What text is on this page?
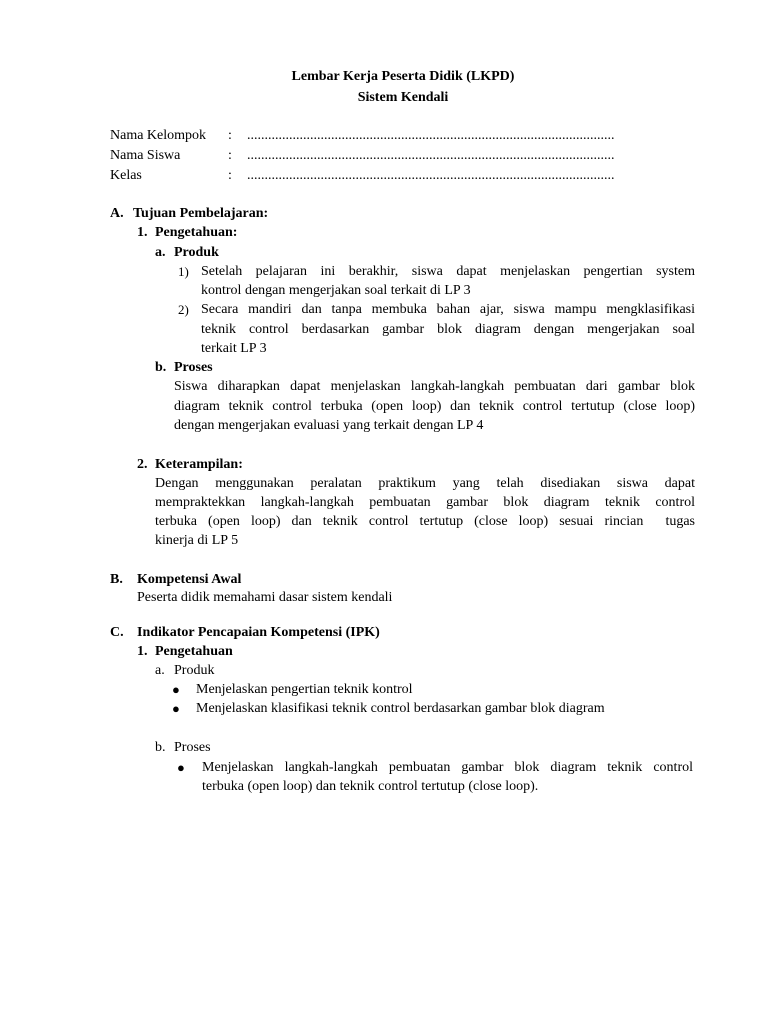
Lembar Kerja Peserta Didik (LKPD)
Sistem Kendali
Nama Kelompok	: .........................................................................................................
Nama Siswa	: .........................................................................................................
Kelas	: .........................................................................................................
A. Tujuan Pembelajaran:
1. Pengetahuan:
a. Produk
1) Setelah pelajaran ini berakhir, siswa dapat menjelaskan pengertian system
kontrol dengan mengerjakan soal terkait di LP 3
2) Secara mandiri dan tanpa membuka bahan ajar, siswa mampu mengklasifikasi
teknik control berdasarkan gambar blok diagram dengan mengerjakan soal
terkait LP 3
b. Proses
Siswa diharapkan dapat menjelaskan langkah-langkah pembuatan dari gambar blok
diagram teknik control terbuka (open loop) dan teknik control tertutup (close loop)
dengan mengerjakan evaluasi yang terkait dengan LP 4
2. Keterampilan:
Dengan menggunakan peralatan praktikum yang telah disediakan siswa dapat
mempraktekkan langkah-langkah pembuatan gambar blok diagram teknik control
terbuka (open loop) dan teknik control tertutup (close loop) sesuai rincian  tugas
kinerja di LP 5
B. Kompetensi Awal
Peserta didik memahami dasar sistem kendali
C. Indikator Pencapaian Kompetensi (IPK)
1. Pengetahuan
a. Produk
● Menjelaskan pengertian teknik kontrol
● Menjelaskan klasifikasi teknik control berdasarkan gambar blok diagram
b. Proses
● Menjelaskan langkah-langkah pembuatan gambar blok diagram teknik control
terbuka (open loop) dan teknik control tertutup (close loop).
